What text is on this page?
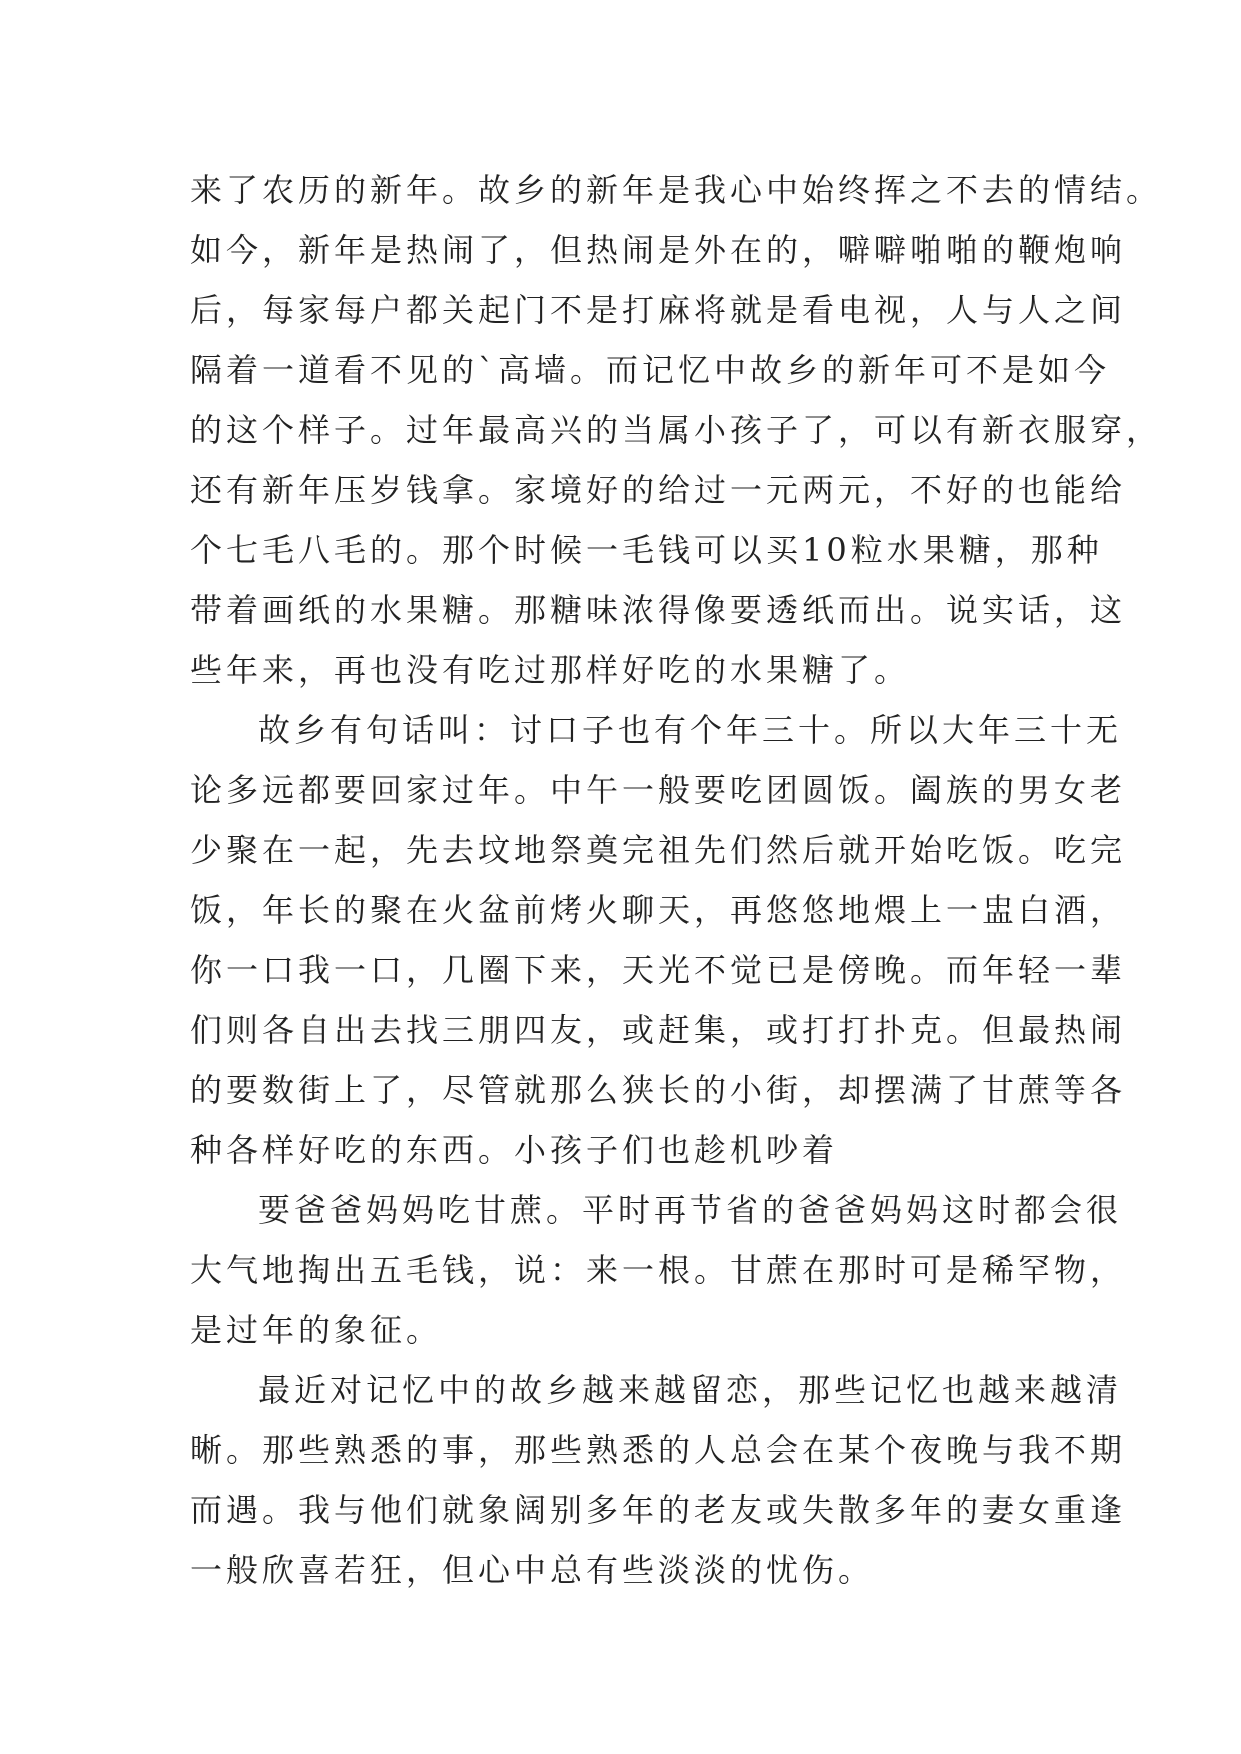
来了农历的新年。故乡的新年是我心中始终挥之不去的情结。
如今，新年是热闹了，但热闹是外在的，噼噼啪啪的鞭炮响
后，每家每户都关起门不是打麻将就是看电视，人与人之间
隔着一道看不见的`高墙。而记忆中故乡的新年可不是如今
的这个样子。过年最高兴的当属小孩子了，可以有新衣服穿，
还有新年压岁钱拿。家境好的给过一元两元，不好的也能给
个七毛八毛的。那个时候一毛钱可以买10粒水果糖，那种
带着画纸的水果糖。那糖味浓得像要透纸而出。说实话，这
些年来，再也没有吃过那样好吃的水果糖了。
故乡有句话叫：讨口子也有个年三十。所以大年三十无
论多远都要回家过年。中午一般要吃团圆饭。阖族的男女老
少聚在一起，先去坟地祭奠完祖先们然后就开始吃饭。吃完
饭，年长的聚在火盆前烤火聊天，再悠悠地煨上一盅白酒，
你一口我一口，几圈下来，天光不觉已是傍晚。而年轻一辈
们则各自出去找三朋四友，或赶集，或打打扑克。但最热闹
的要数街上了，尽管就那么狭长的小街，却摆满了甘蔗等各
种各样好吃的东西。小孩子们也趁机吵着
要爸爸妈妈吃甘蔗。平时再节省的爸爸妈妈这时都会很
大气地掏出五毛钱，说：来一根。甘蔗在那时可是稀罕物，
是过年的象征。
最近对记忆中的故乡越来越留恋，那些记忆也越来越清
晰。那些熟悉的事，那些熟悉的人总会在某个夜晚与我不期
而遇。我与他们就象阔别多年的老友或失散多年的妻女重逢
一般欣喜若狂，但心中总有些淡淡的忧伤。
